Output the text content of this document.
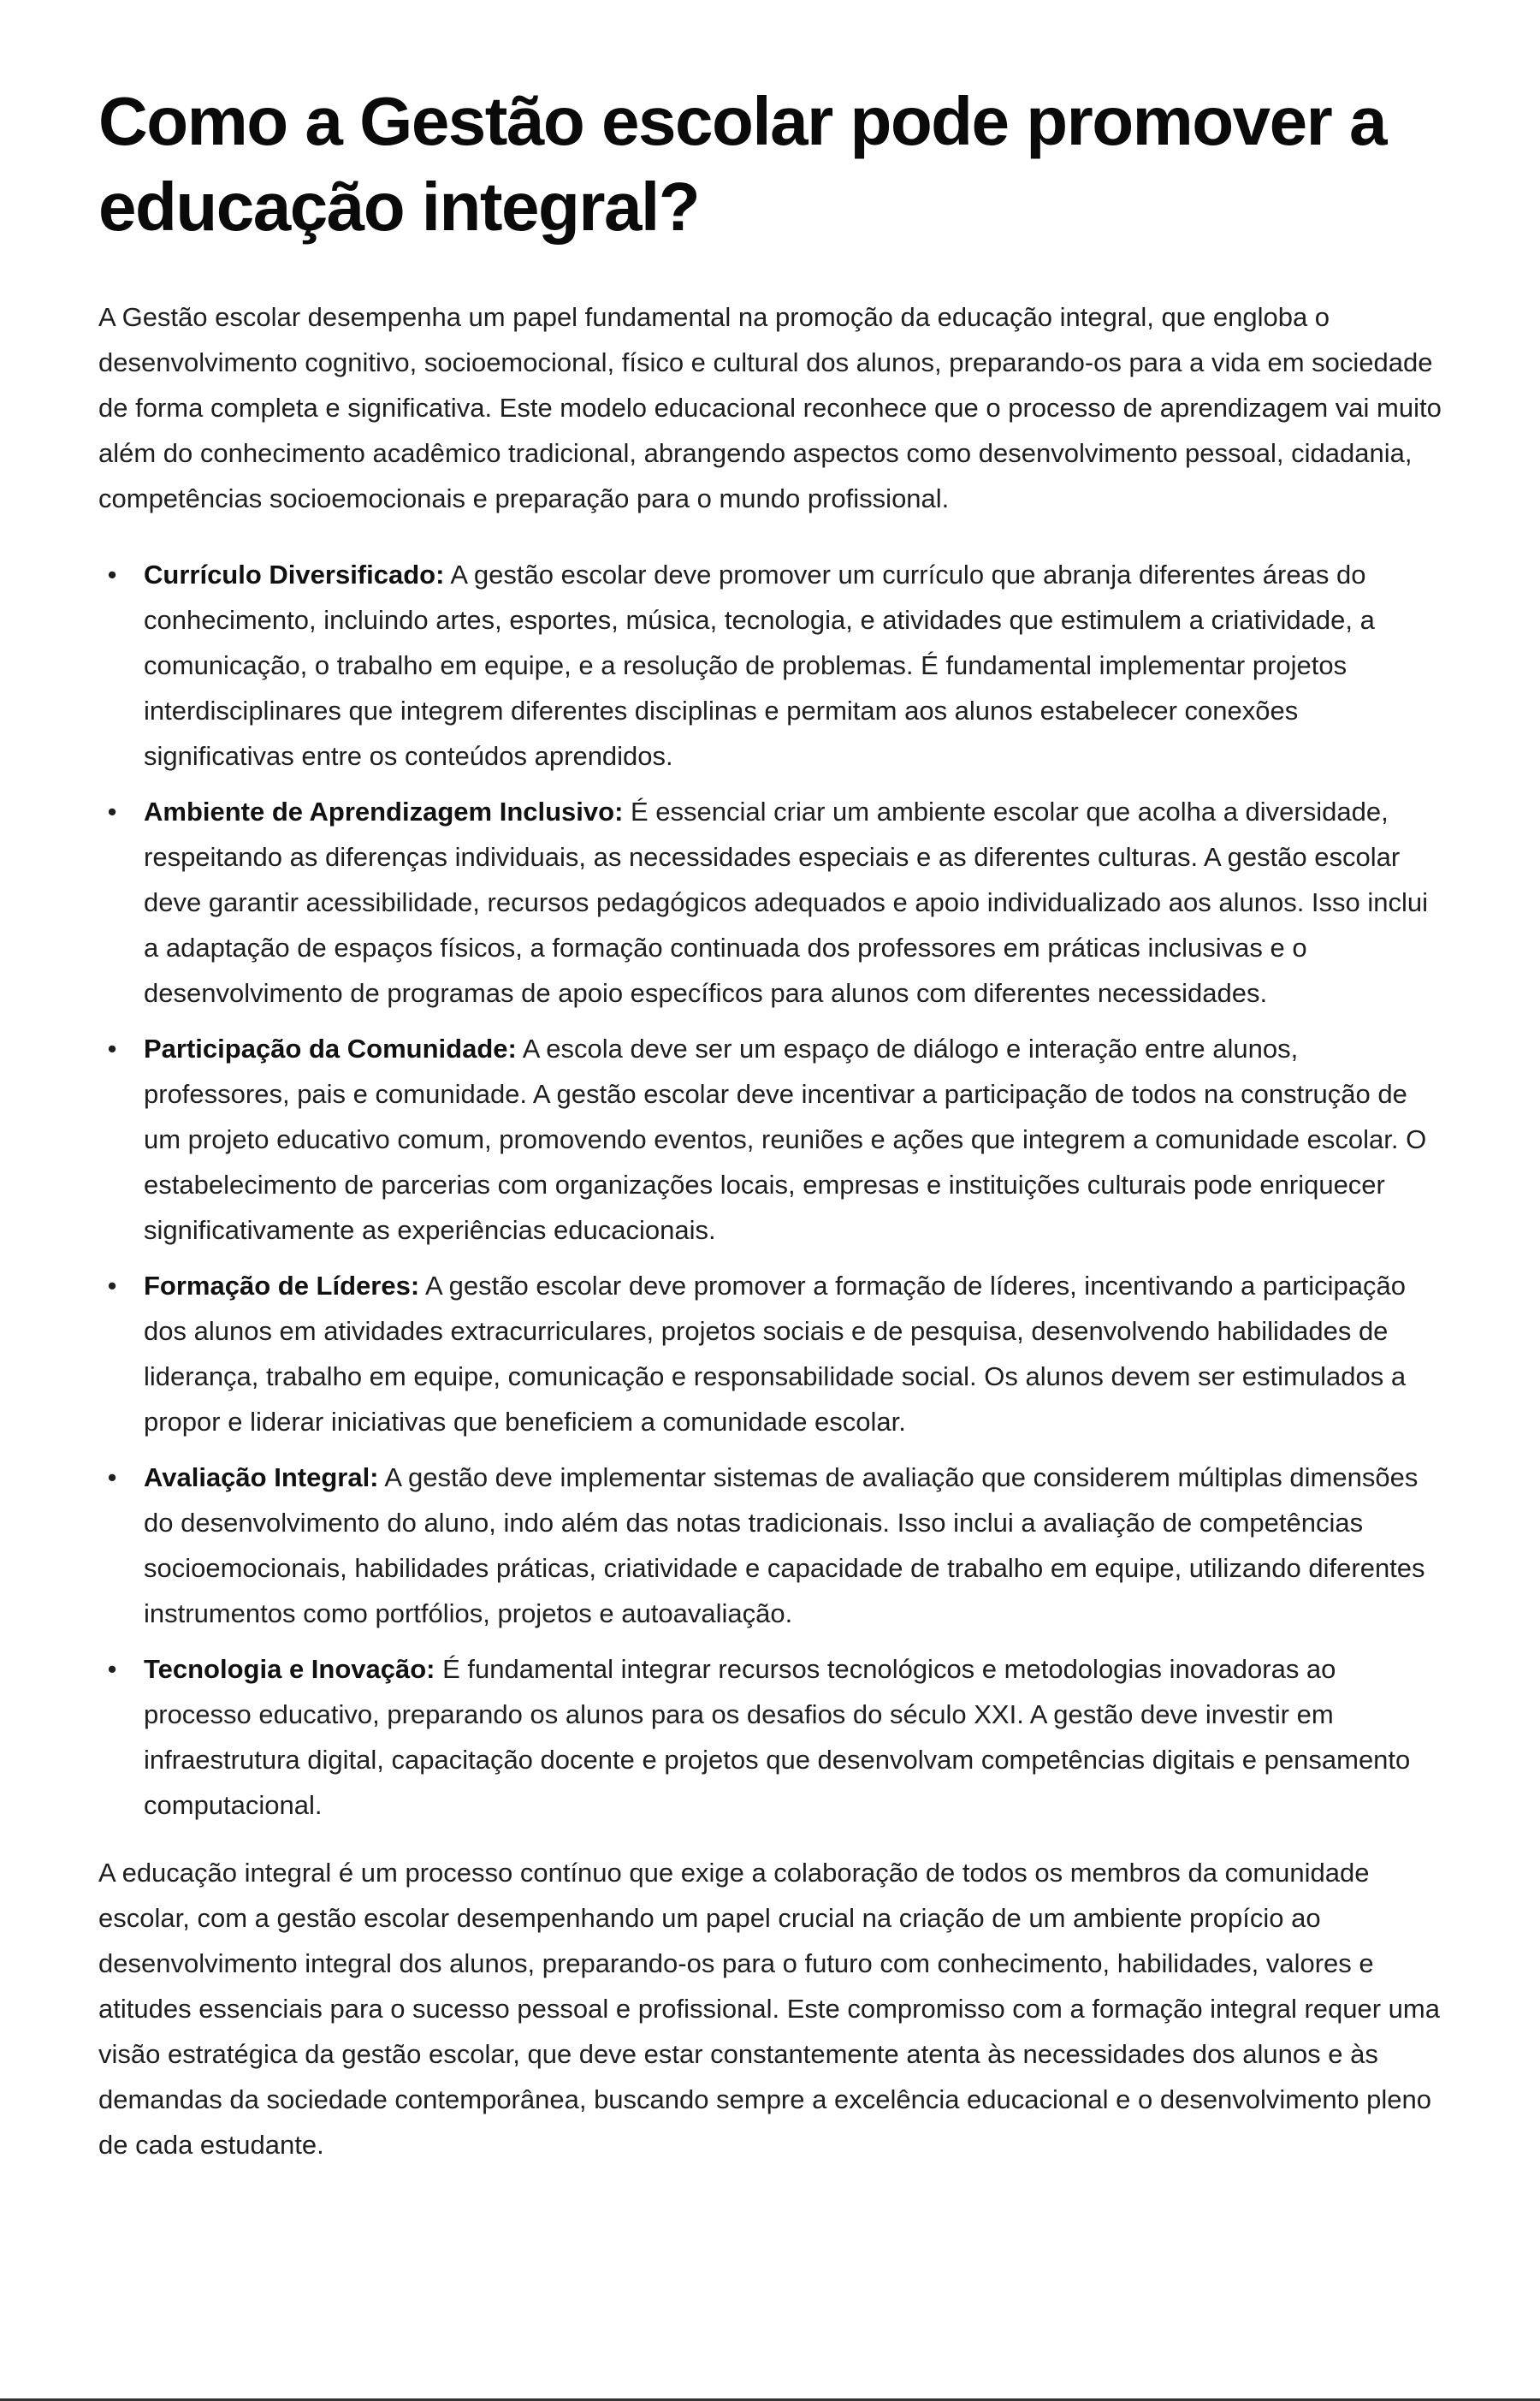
Como a Gestão escolar pode promover a educação integral?

A Gestão escolar desempenha um papel fundamental na promoção da educação integral, que engloba o desenvolvimento cognitivo, socioemocional, físico e cultural dos alunos, preparando-os para a vida em sociedade de forma completa e significativa. Este modelo educacional reconhece que o processo de aprendizagem vai muito além do conhecimento acadêmico tradicional, abrangendo aspectos como desenvolvimento pessoal, cidadania, competências socioemocionais e preparação para o mundo profissional.

• Currículo Diversificado: A gestão escolar deve promover um currículo que abranja diferentes áreas do conhecimento, incluindo artes, esportes, música, tecnologia, e atividades que estimulem a criatividade, a comunicação, o trabalho em equipe, e a resolução de problemas. É fundamental implementar projetos interdisciplinares que integrem diferentes disciplinas e permitam aos alunos estabelecer conexões significativas entre os conteúdos aprendidos.
• Ambiente de Aprendizagem Inclusivo: É essencial criar um ambiente escolar que acolha a diversidade, respeitando as diferenças individuais, as necessidades especiais e as diferentes culturas. A gestão escolar deve garantir acessibilidade, recursos pedagógicos adequados e apoio individualizado aos alunos. Isso inclui a adaptação de espaços físicos, a formação continuada dos professores em práticas inclusivas e o desenvolvimento de programas de apoio específicos para alunos com diferentes necessidades.
• Participação da Comunidade: A escola deve ser um espaço de diálogo e interação entre alunos, professores, pais e comunidade. A gestão escolar deve incentivar a participação de todos na construção de um projeto educativo comum, promovendo eventos, reuniões e ações que integrem a comunidade escolar. O estabelecimento de parcerias com organizações locais, empresas e instituições culturais pode enriquecer significativamente as experiências educacionais.
• Formação de Líderes: A gestão escolar deve promover a formação de líderes, incentivando a participação dos alunos em atividades extracurriculares, projetos sociais e de pesquisa, desenvolvendo habilidades de liderança, trabalho em equipe, comunicação e responsabilidade social. Os alunos devem ser estimulados a propor e liderar iniciativas que beneficiem a comunidade escolar.
• Avaliação Integral: A gestão deve implementar sistemas de avaliação que considerem múltiplas dimensões do desenvolvimento do aluno, indo além das notas tradicionais. Isso inclui a avaliação de competências socioemocionais, habilidades práticas, criatividade e capacidade de trabalho em equipe, utilizando diferentes instrumentos como portfólios, projetos e autoavaliação.
• Tecnologia e Inovação: É fundamental integrar recursos tecnológicos e metodologias inovadoras ao processo educativo, preparando os alunos para os desafios do século XXI. A gestão deve investir em infraestrutura digital, capacitação docente e projetos que desenvolvam competências digitais e pensamento computacional.

A educação integral é um processo contínuo que exige a colaboração de todos os membros da comunidade escolar, com a gestão escolar desempenhando um papel crucial na criação de um ambiente propício ao desenvolvimento integral dos alunos, preparando-os para o futuro com conhecimento, habilidades, valores e atitudes essenciais para o sucesso pessoal e profissional. Este compromisso com a formação integral requer uma visão estratégica da gestão escolar, que deve estar constantemente atenta às necessidades dos alunos e às demandas da sociedade contemporânea, buscando sempre a excelência educacional e o desenvolvimento pleno de cada estudante.
